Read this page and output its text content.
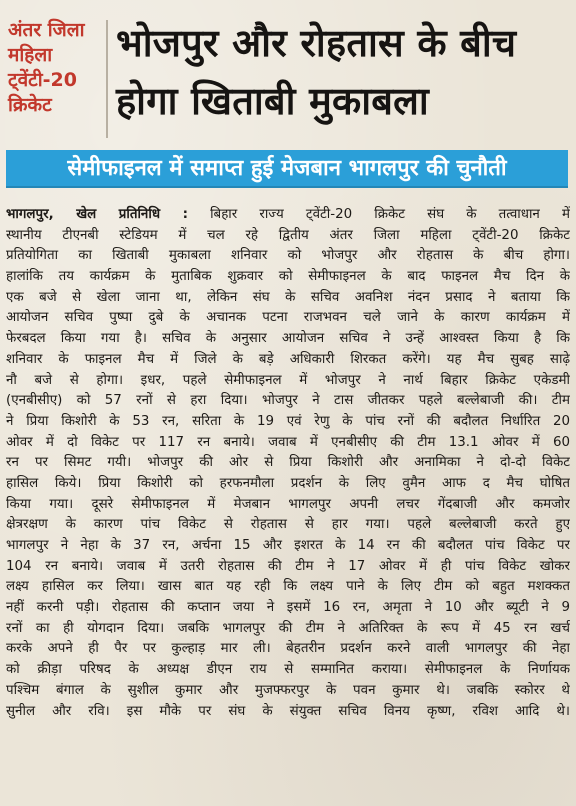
अंतर जिला
महिला
ट्वेंटी-20
क्रिकेट
भोजपुर और रोहतास के बीच
होगा खिताबी मुकाबला
सेमीफाइनल में समाप्त हुई मेजबान भागलपुर की चुनौती
भागलपुर, खेल प्रतिनिधि : बिहार राज्य ट्वेंटी-20 क्रिकेट संघ के तत्वाधान में
स्थानीय टीएनबी स्टेडियम में चल रहे द्वितीय अंतर जिला महिला ट्वेंटी-20 क्रिकेट
प्रतियोगिता का खिताबी मुकाबला शनिवार को भोजपुर और रोहतास के बीच होगा।
हालांकि तय कार्यक्रम के मुताबिक शुक्रवार को सेमीफाइनल के बाद फाइनल मैच दिन के
एक बजे से खेला जाना था, लेकिन संघ के सचिव अवनिश नंदन प्रसाद ने बताया कि
आयोजन सचिव पुष्पा दुबे के अचानक पटना राजभवन चले जाने के कारण कार्यक्रम में
फेरबदल किया गया है। सचिव के अनुसार आयोजन सचिव ने उन्हें आश्वस्त किया है कि
शनिवार के फाइनल मैच में जिले के बड़े अधिकारी शिरकत करेंगे। यह मैच सुबह साढ़े
नौ बजे से होगा। इधर, पहले सेमीफाइनल में भोजपुर ने नार्थ बिहार क्रिकेट एकेडमी
(एनबीसीए) को 57 रनों से हरा दिया। भोजपुर ने टास जीतकर पहले बल्लेबाजी की। टीम
ने प्रिया किशोरी के 53 रन, सरिता के 19 एवं रेणु के पांच रनों की बदौलत निर्धारित 20
ओवर में दो विकेट पर 117 रन बनाये। जवाब में एनबीसीए की टीम 13.1 ओवर में 60
रन पर सिमट गयी। भोजपुर की ओर से प्रिया किशोरी और अनामिका ने दो-दो विकेट
हासिल किये। प्रिया किशोरी को हरफनमौला प्रदर्शन के लिए वुमैन आफ द मैच घोषित
किया गया। दूसरे सेमीफाइनल में मेजबान भागलपुर अपनी लचर गेंदबाजी और कमजोर
क्षेत्ररक्षण के कारण पांच विकेट से रोहतास से हार गया। पहले बल्लेबाजी करते हुए
भागलपुर ने नेहा के 37 रन, अर्चना 15 और इशरत के 14 रन की बदौलत पांच विकेट पर
104 रन बनाये। जवाब में उतरी रोहतास की टीम ने 17 ओवर में ही पांच विकेट खोकर
लक्ष्य हासिल कर लिया। खास बात यह रही कि लक्ष्य पाने के लिए टीम को बहुत मशक्कत
नहीं करनी पड़ी। रोहतास की कप्तान जया ने इसमें 16 रन, अमृता ने 10 और ब्यूटी ने 9
रनों का ही योगदान दिया। जबकि भागलपुर की टीम ने अतिरिक्त के रूप में 45 रन खर्च
करके अपने ही पैर पर कुल्हाड़ मार ली। बेहतरीन प्रदर्शन करने वाली भागलपुर की नेहा
को क्रीड़ा परिषद के अध्यक्ष डीएन राय से सम्मानित कराया। सेमीफाइनल के निर्णायक
पश्चिम बंगाल के सुशील कुमार और मुजफ्फरपुर के पवन कुमार थे। जबकि स्कोरर थे
सुनील और रवि। इस मौके पर संघ के संयुक्त सचिव विनय कृष्ण, रविश आदि थे।
